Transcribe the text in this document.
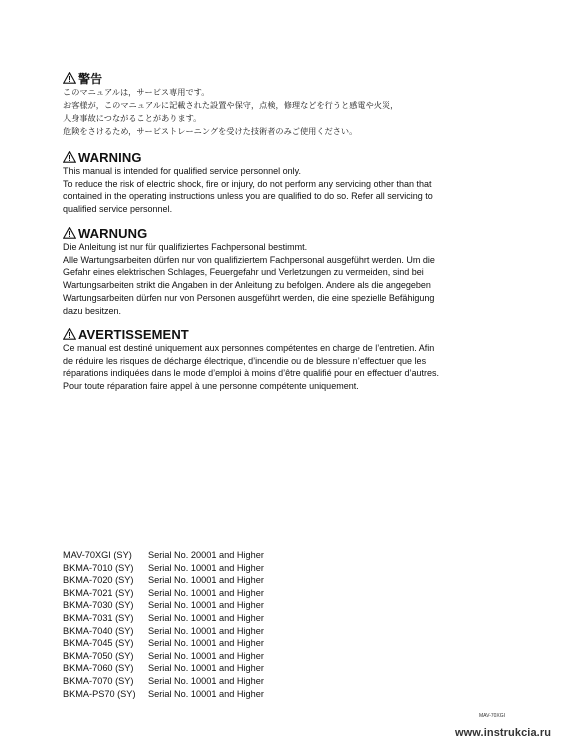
警告
このマニュアルは，サービス専用です。
お客様が，このマニュアルに記載された設置や保守，点検，修理などを行うと感電や火災，
人身事故につながることがあります。
危険をさけるため，サービストレーニングを受けた技術者のみご使用ください。
WARNING
This manual is intended for qualified service personnel only.
To reduce the risk of electric shock, fire or injury, do not perform any servicing other than that
contained in the operating instructions unless you are qualified to do so. Refer all servicing to
qualified service personnel.
WARNUNG
Die Anleitung ist nur für qualifiziertes Fachpersonal bestimmt.
Alle Wartungsarbeiten dürfen nur von qualifiziertem Fachpersonal ausgeführt werden. Um die
Gefahr eines elektrischen Schlages, Feuergefahr und Verletzungen zu vermeiden, sind bei
Wartungsarbeiten strikt die Angaben in der Anleitung zu befolgen. Andere als die angegeben
Wartungsarbeiten dürfen nur von Personen ausgeführt werden, die eine spezielle Befähigung
dazu besitzen.
AVERTISSEMENT
Ce manual est destiné uniquement aux personnes compétentes en charge de l’entretien. Afin
de réduire les risques de décharge électrique, d’incendie ou de blessure n’effectuer que les
réparations indiquées dans le mode d’emploi à moins d’être qualifié pour en effectuer d’autres.
Pour toute réparation faire appel à une personne compétente uniquement.
MAV-70XGI (SY)	Serial No. 20001 and Higher
BKMA-7010 (SY)	Serial No. 10001 and Higher
BKMA-7020 (SY)	Serial No. 10001 and Higher
BKMA-7021 (SY)	Serial No. 10001 and Higher
BKMA-7030 (SY)	Serial No. 10001 and Higher
BKMA-7031 (SY)	Serial No. 10001 and Higher
BKMA-7040 (SY)	Serial No. 10001 and Higher
BKMA-7045 (SY)	Serial No. 10001 and Higher
BKMA-7050 (SY)	Serial No. 10001 and Higher
BKMA-7060 (SY)	Serial No. 10001 and Higher
BKMA-7070 (SY)	Serial No. 10001 and Higher
BKMA-PS70 (SY)	Serial No. 10001 and Higher
MAV-70XGI
www.instrukcia.ru
